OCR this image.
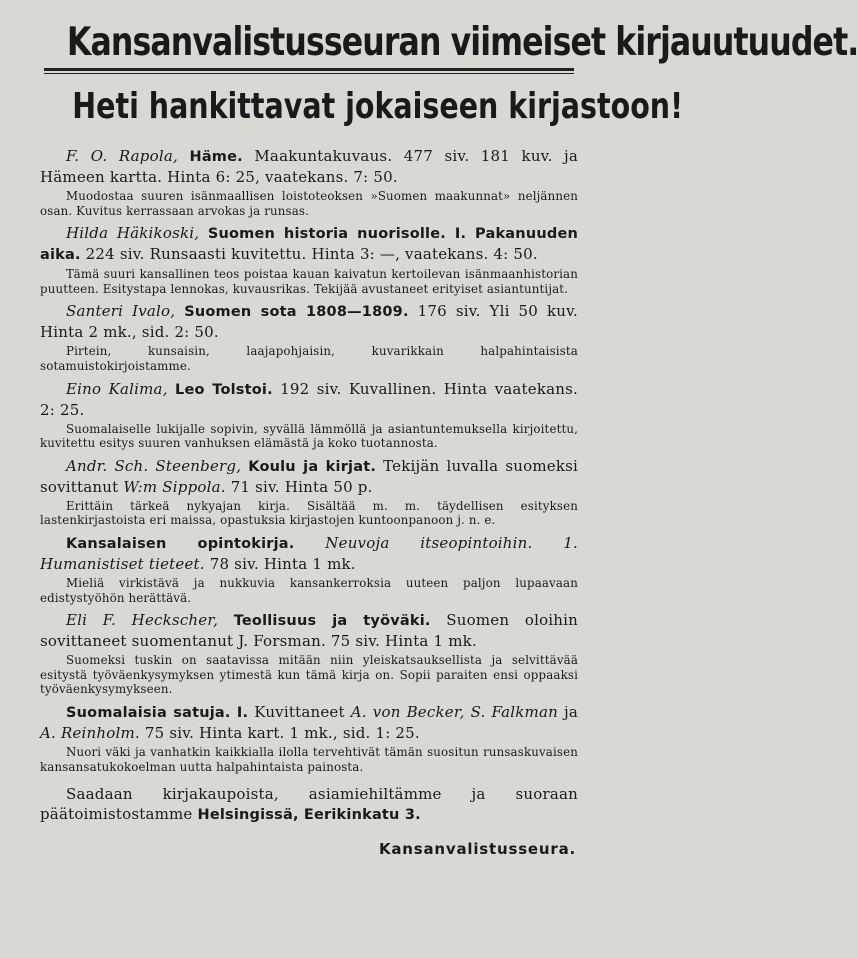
Kansanvalistusseuran viimeiset kirjauutuudet.
Heti hankittavat jokaiseen kirjastoon!

F. O. Rapola, Häme. Maakuntakuvaus. 477 siv. 181 kuv. ja Hämeen kartta. Hinta 6: 25, vaatekans. 7: 50.

Muodostaa suuren isänmaallisen loistoteoksen »Suomen maakunnat» neljännen osan. Kuvitus kerrassaan arvokas ja runsas.

Hilda Häkikoski, Suomen historia nuorisolle. I. Pakanuuden aika. 224 siv. Runsaasti kuvitettu. Hinta 3: —, vaatekans. 4: 50.

Tämä suuri kansallinen teos poistaa kauan kaivatun kertoilevan isänmaanhistorian puutteen. Esitystapa lennokas, kuvausrikas. Tekijää avustaneet erityiset asiantuntijat.

Santeri Ivalo, Suomen sota 1808—1809. 176 siv. Yli 50 kuv. Hinta 2 mk., sid. 2: 50.

Pirtein, kunsaisin, laajapohjaisin, kuvarikkain halpahintaisista sotamuistokirjoistamme.

Eino Kalima, Leo Tolstoi. 192 siv. Kuvallinen. Hinta vaatekans. 2: 25.

Suomalaiselle lukijalle sopivin, syvällä lämmöllä ja asiantuntemuksella kirjoitettu, kuvitettu esitys suuren vanhuksen elämästä ja koko tuotannosta.

Andr. Sch. Steenberg, Koulu ja kirjat. Tekijän luvalla suomeksi sovittanut W:m Sippola. 71 siv. Hinta 50 p.

Erittäin tärkeä nykyajan kirja. Sisältää m. m. täydellisen esityksen lastenkirjastoista eri maissa, opastuksia kirjastojen kuntoonpanoon j. n. e.

Kansalaisen opintokirja. Neuvoja itseopintoihin. 1. Humanistiset tieteet. 78 siv. Hinta 1 mk.

Mieliä virkistävä ja nukkuvia kansankerroksia uuteen paljon lupaavaan edistystyöhön herättävä.

Eli F. Heckscher, Teollisuus ja työväki. Suomen oloihin sovittaneet suomentanut J. Forsman. 75 siv. Hinta 1 mk.

Suomeksi tuskin on saatavissa mitään niin yleiskatsauksellista ja selvittävää esitystä työväenkysymyksen ytimestä kun tämä kirja on. Sopii paraiten ensi oppaaksi työväenkysymykseen.

Suomalaisia satuja. I. Kuvittaneet A. von Becker, S. Falkman ja A. Reinholm. 75 siv. Hinta kart. 1 mk., sid. 1: 25.

Nuori väki ja vanhatkin kaikkialla ilolla tervehtivät tämän suositun runsaskuvaisen kansansatukokoelman uutta halpahintaista painosta.

Saadaan kirjakaupoista, asiamiehiltämme ja suoraan päätoimistostamme Helsingissä, Eerikinkatu 3.

Kansanvalistusseura.
